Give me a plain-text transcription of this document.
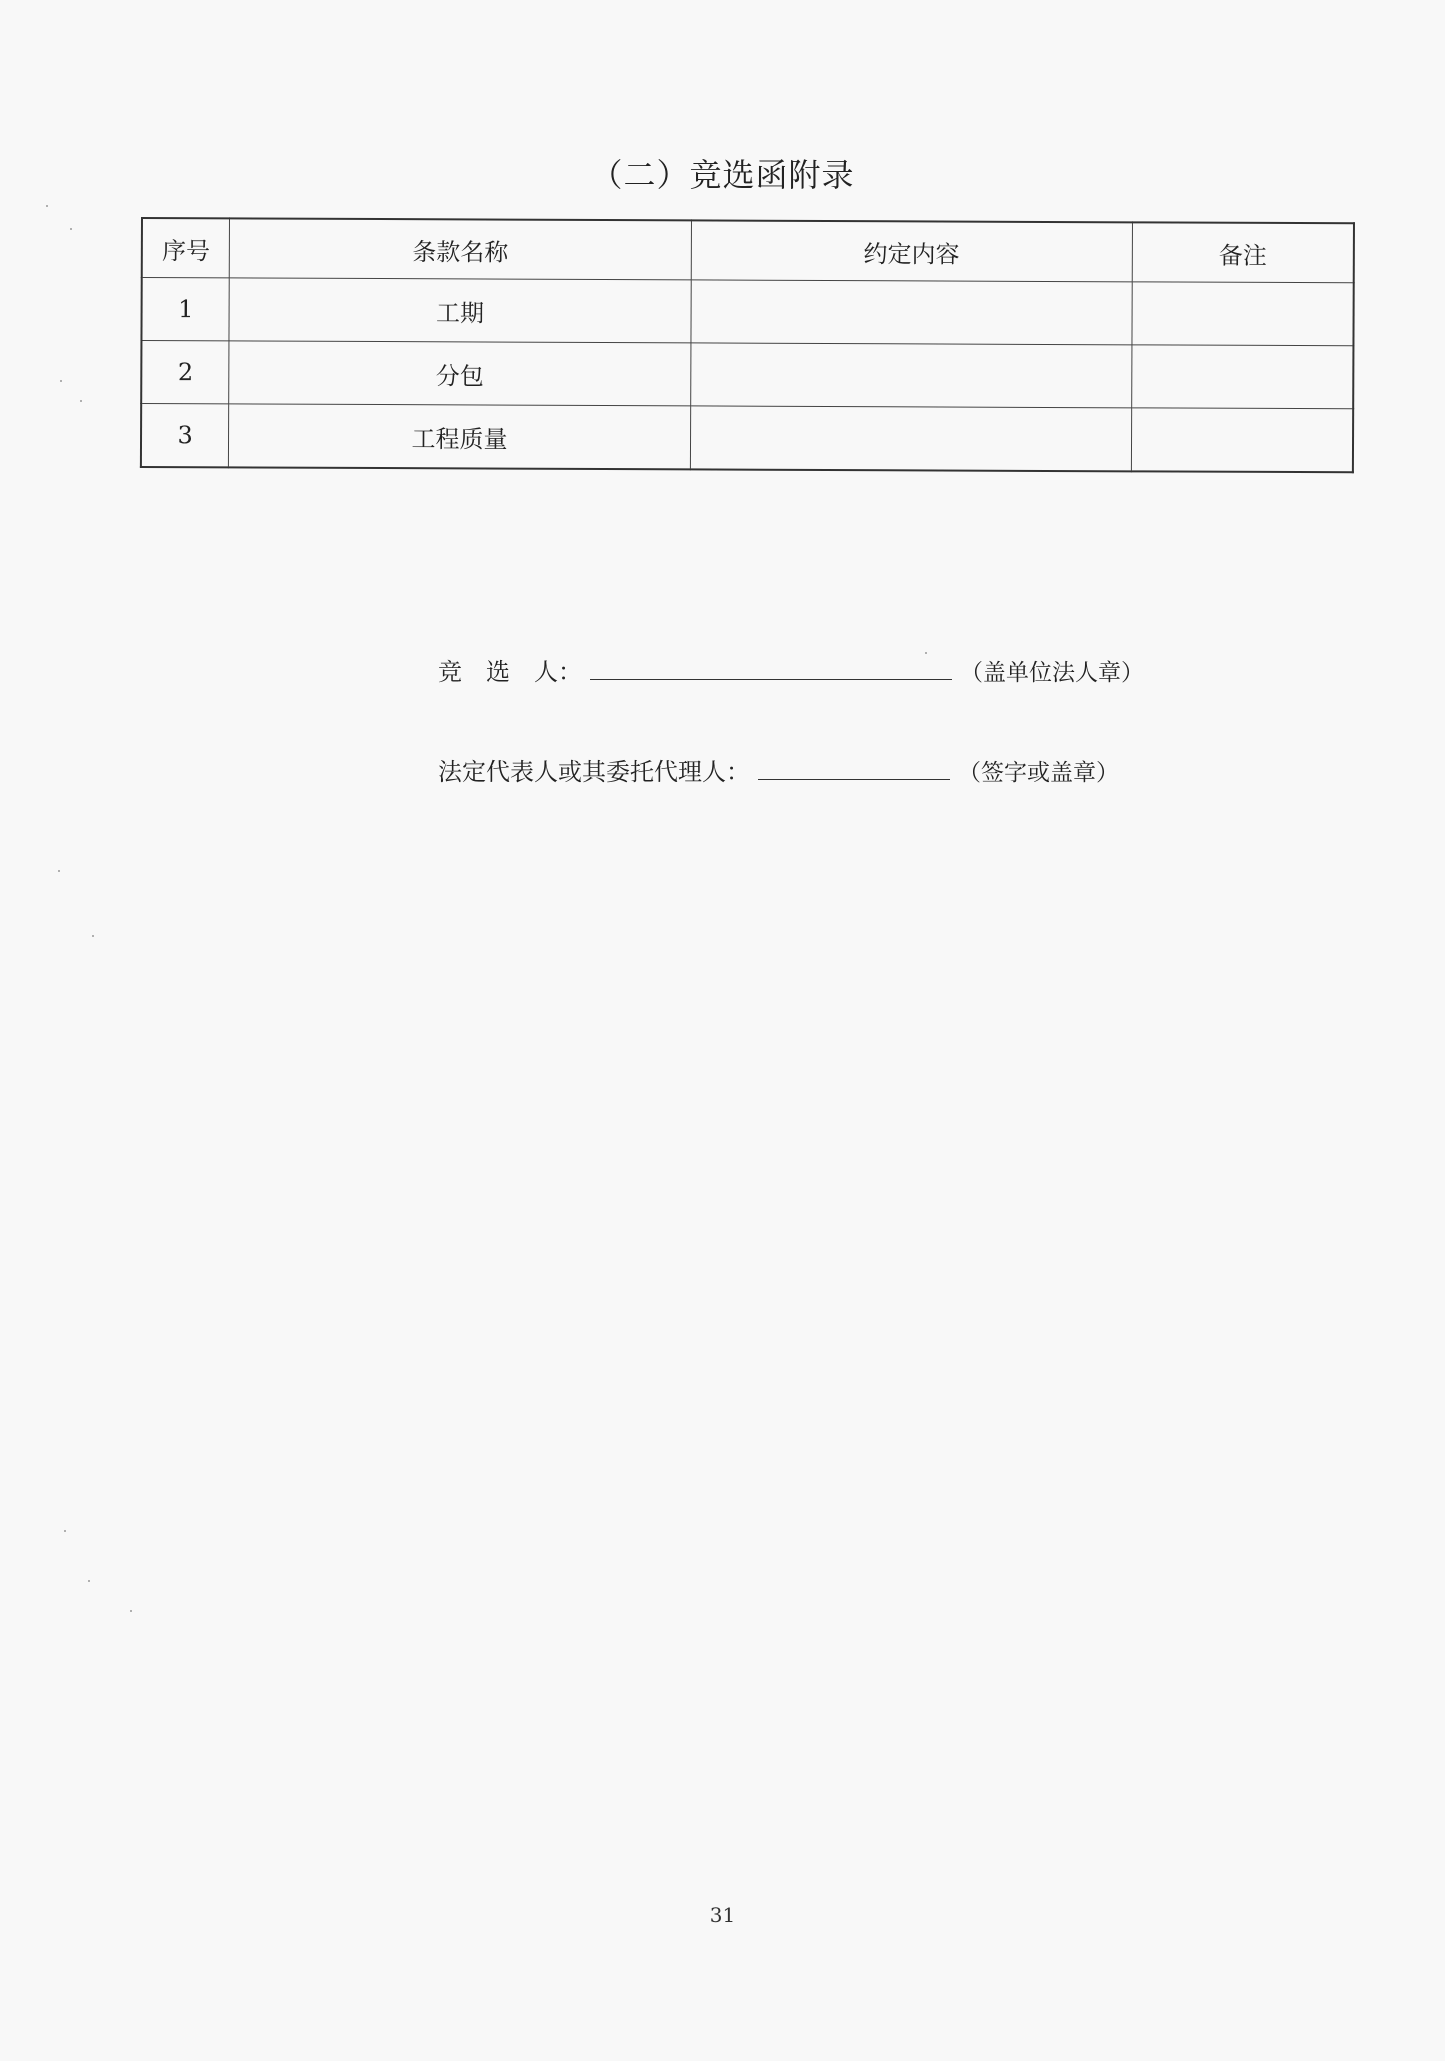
（二）竞选函附录
序号	条款名称	约定内容	备注
1	工期		
2	分包		
3	工程质量		
竞　选　人：	（盖单位法人章）
法定代表人或其委托代理人：	（签字或盖章）
31
